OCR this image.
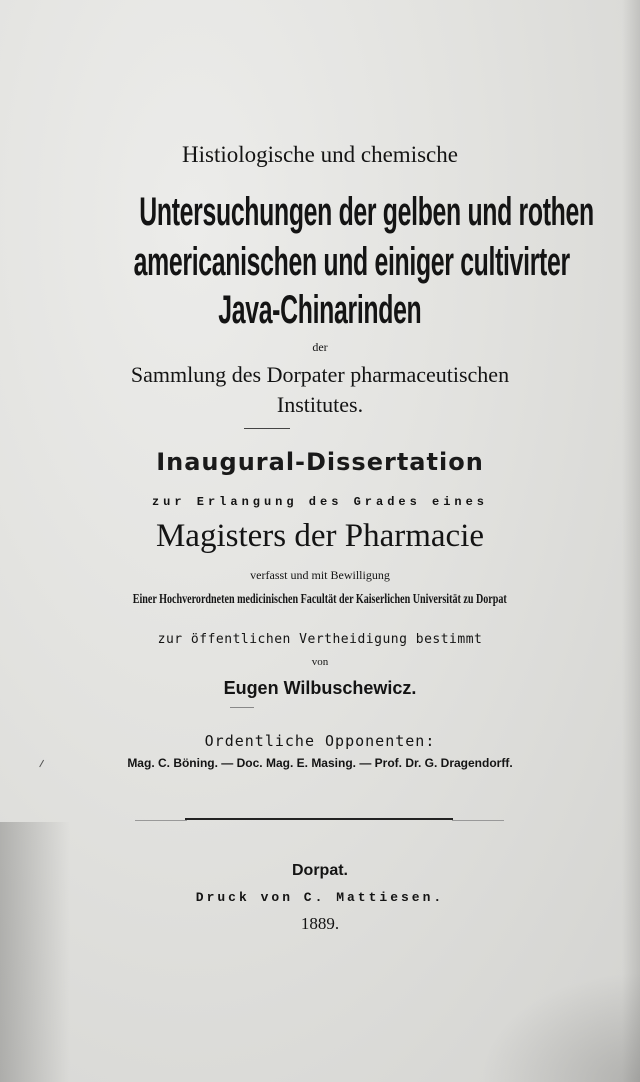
Histiologische und chemische

Untersuchungen der gelben und rothen

americanischen und einiger cultivirter

Java-Chinarinden

der

Sammlung des Dorpater pharmaceutischen

Institutes.

Inaugural-Dissertation

zur Erlangung des Grades eines

Magisters der Pharmacie

verfasst und mit Bewilligung

Einer Hochverordneten medicinischen Facultät der Kaiserlichen Universität zu Dorpat

zur öffentlichen Vertheidigung bestimmt

von

Eugen Wilbuschewicz.

Ordentliche Opponenten:

Mag. C. Böning. — Doc. Mag. E. Masing. — Prof. Dr. G. Dragendorff.

Dorpat.

Druck von C. Mattiesen.

1889.
